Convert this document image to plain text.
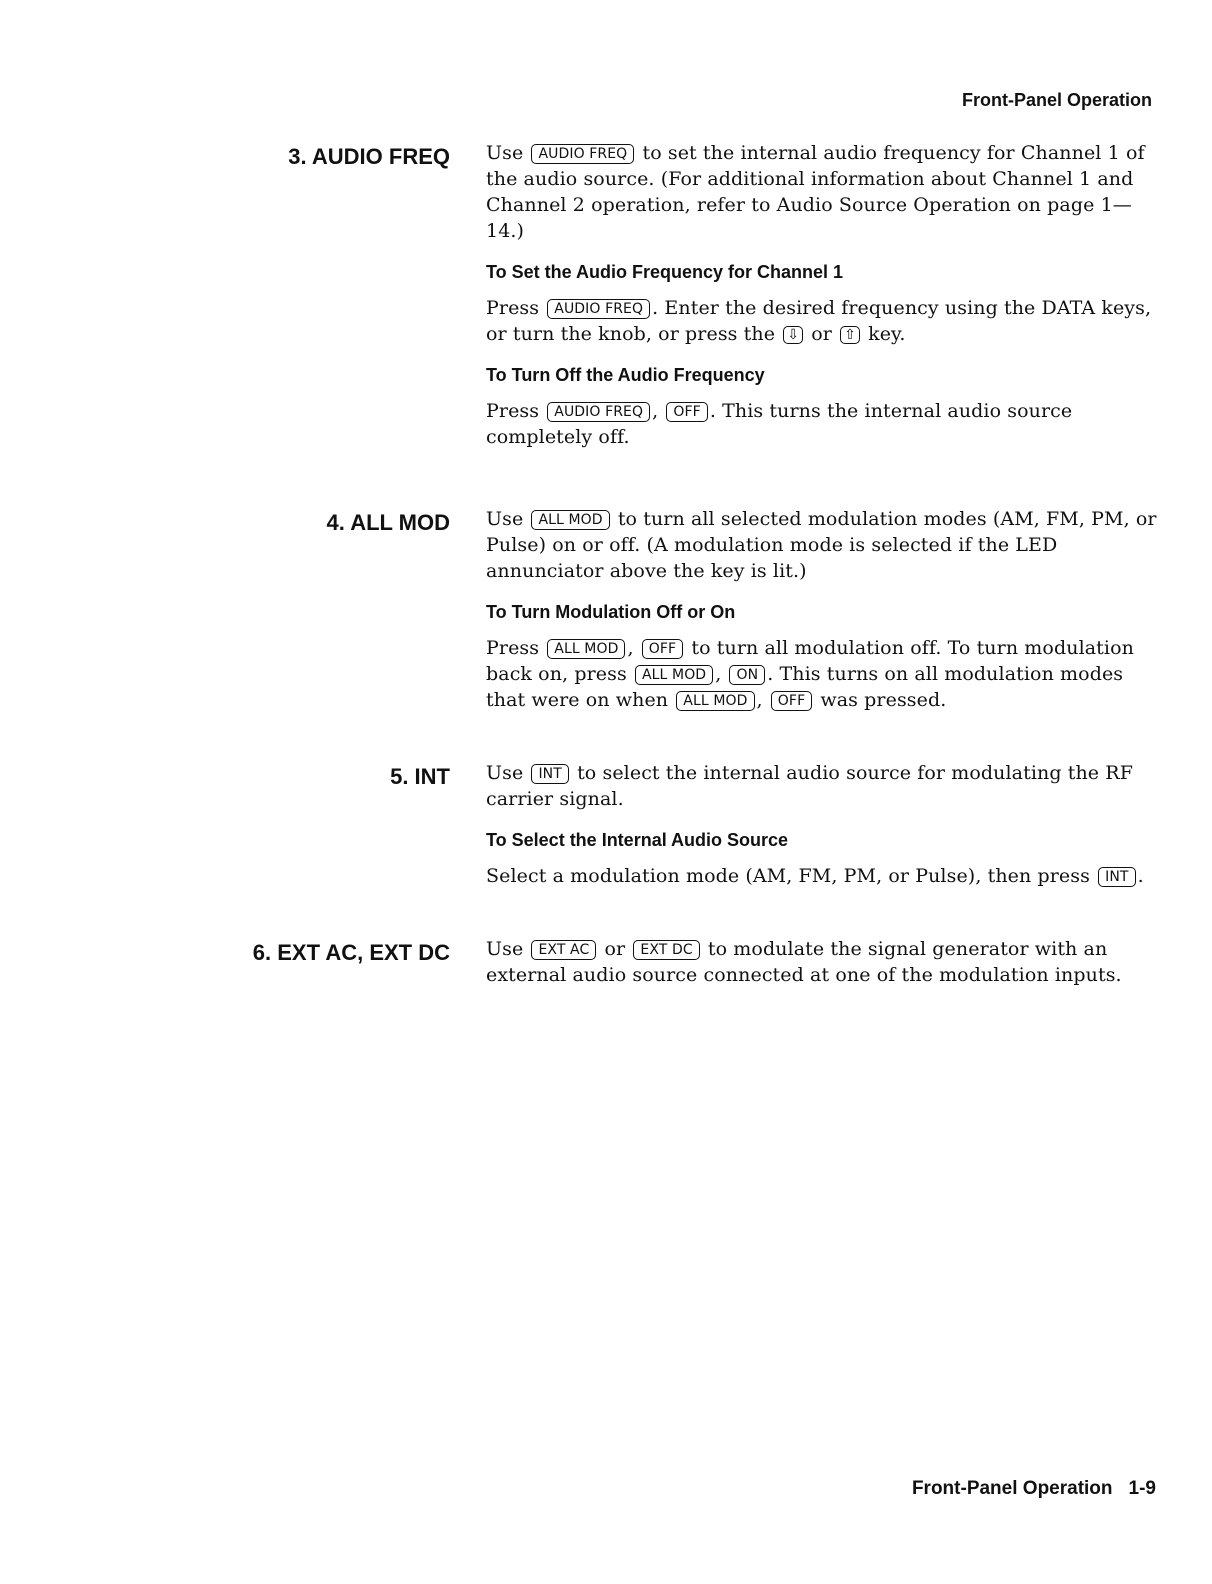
Front-Panel Operation
3. AUDIO FREQ Use AUDIO FREQ to set the internal audio frequency for Channel 1 of the audio source. (For additional information about Channel 1 and Channel 2 operation, refer to Audio Source Operation on page 1—14.)

To Set the Audio Frequency for Channel 1

Press AUDIO FREQ . Enter the desired frequency using the DATA keys, or turn the knob, or press the ⇩ or ⇧ key.

To Turn Off the Audio Frequency

Press AUDIO FREQ , OFF . This turns the internal audio source completely off.

4. ALL MOD Use ALL MOD to turn all selected modulation modes (AM, FM, PM, or Pulse) on or off. (A modulation mode is selected if the LED annunciator above the key is lit.)

To Turn Modulation Off or On

Press ALL MOD , OFF to turn all modulation off. To turn modulation back on, press ALL MOD , ON . This turns on all modulation modes that were on when ALL MOD , OFF was pressed.

5. INT Use INT to select the internal audio source for modulating the RF carrier signal.

To Select the Internal Audio Source

Select a modulation mode (AM, FM, PM, or Pulse), then press INT .

6. EXT AC, EXT DC Use EXT AC or EXT DC to modulate the signal generator with an external audio source connected at one of the modulation inputs.

Front-Panel Operation 1-9
